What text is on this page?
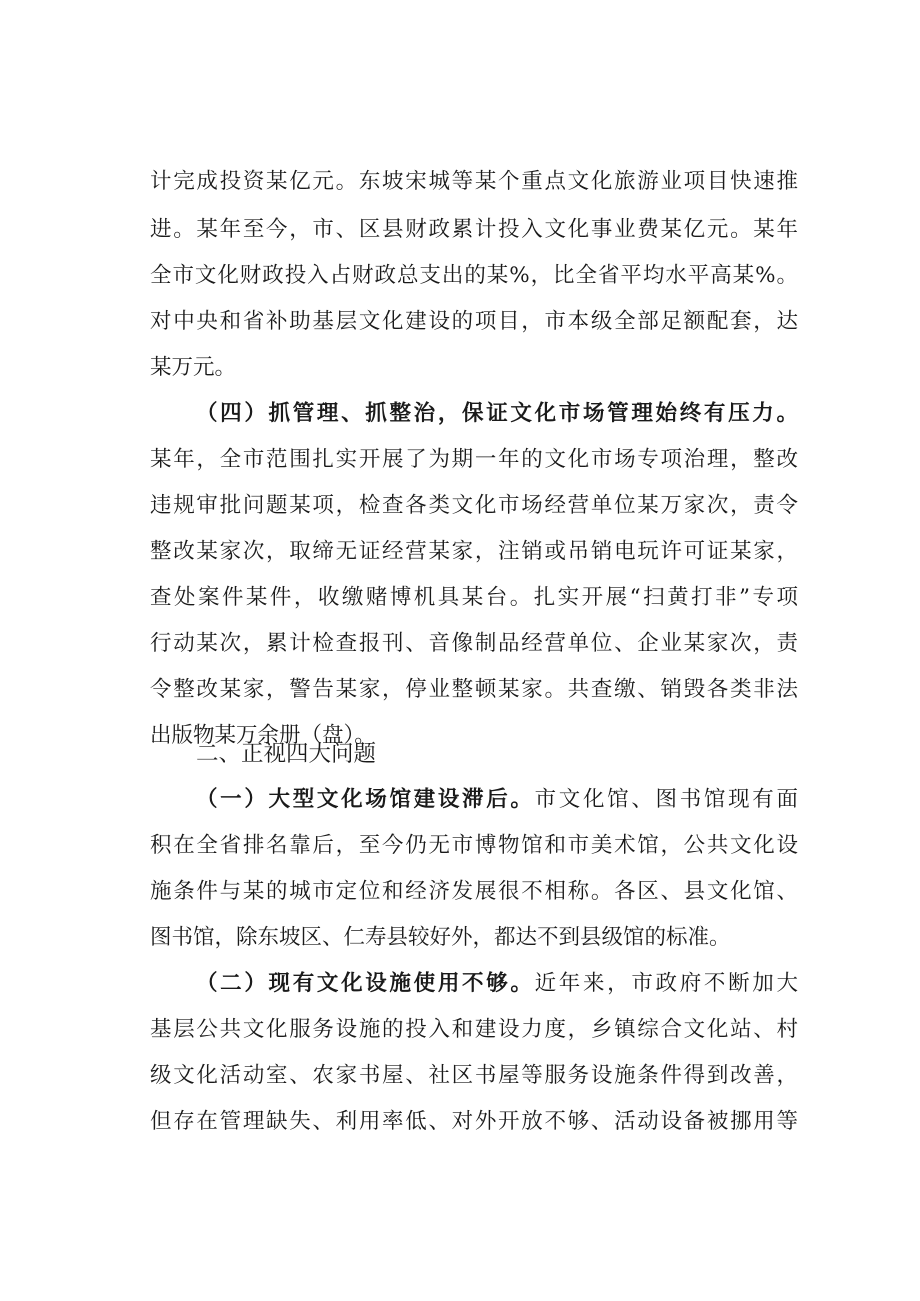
计完成投资某亿元。东坡宋城等某个重点文化旅游业项目快速推
进。某年至今，市、区县财政累计投入文化事业费某亿元。某年
全市文化财政投入占财政总支出的某%，比全省平均水平高某%。
对中央和省补助基层文化建设的项目，市本级全部足额配套，达
某万元。
（四）抓管理、抓整治，保证文化市场管理始终有压力。
某年，全市范围扎实开展了为期一年的文化市场专项治理，整改
违规审批问题某项，检查各类文化市场经营单位某万家次，责令
整改某家次，取缔无证经营某家，注销或吊销电玩许可证某家，
查处案件某件，收缴赌博机具某台。扎实开展“扫黄打非”专项
行动某次，累计检查报刊、音像制品经营单位、企业某家次，责
令整改某家，警告某家，停业整顿某家。共查缴、销毁各类非法
出版物某万余册（盘）。
二、正视四大问题
（一）大型文化场馆建设滞后。市文化馆、图书馆现有面
积在全省排名靠后，至今仍无市博物馆和市美术馆，公共文化设
施条件与某的城市定位和经济发展很不相称。各区、县文化馆、
图书馆，除东坡区、仁寿县较好外，都达不到县级馆的标准。
（二）现有文化设施使用不够。近年来，市政府不断加大
基层公共文化服务设施的投入和建设力度，乡镇综合文化站、村
级文化活动室、农家书屋、社区书屋等服务设施条件得到改善，
但存在管理缺失、利用率低、对外开放不够、活动设备被挪用等
